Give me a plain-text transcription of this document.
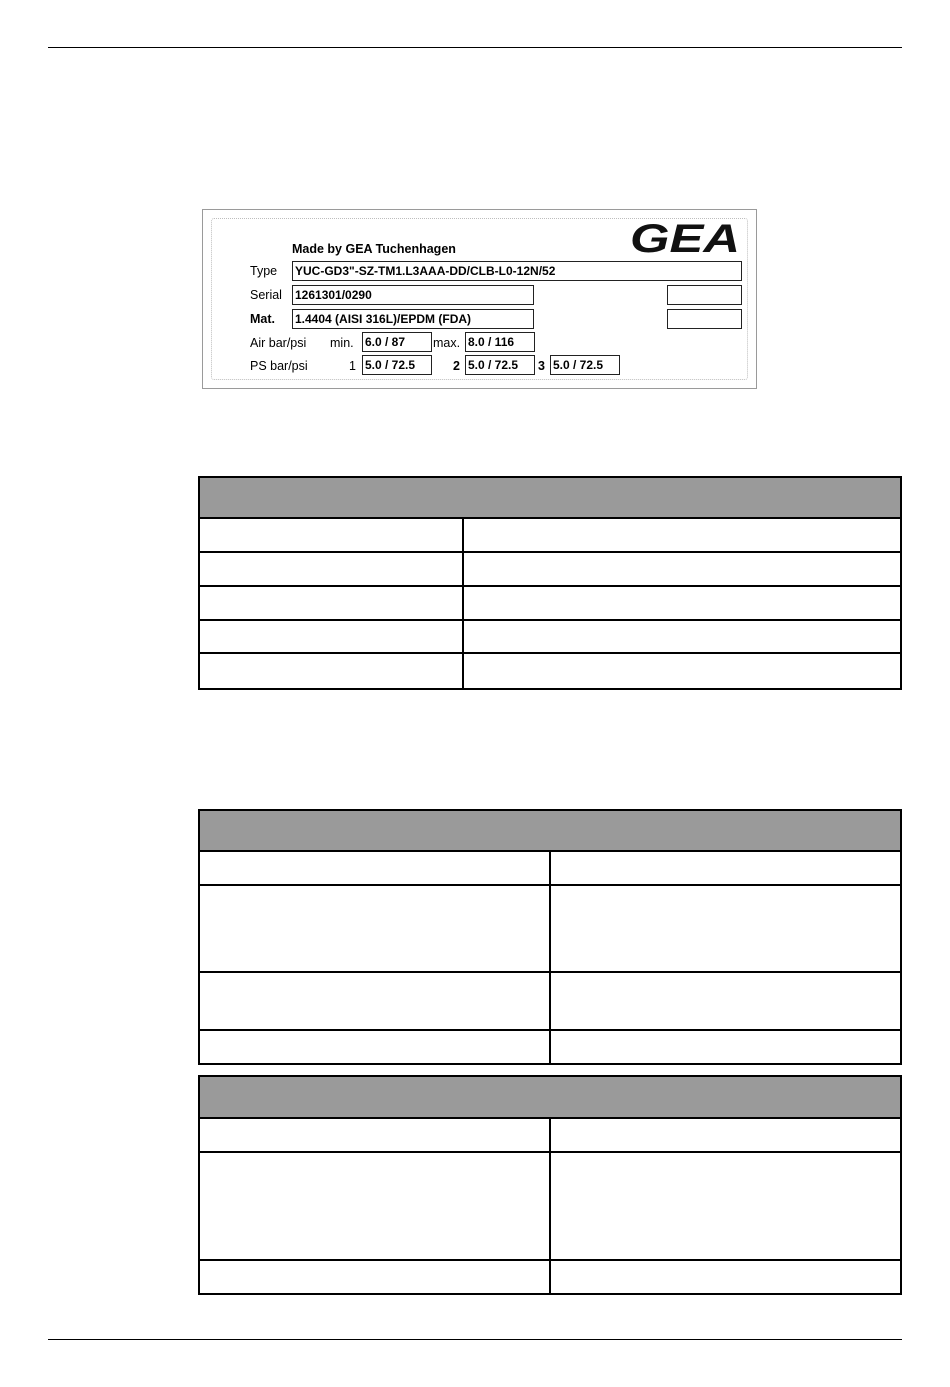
GEA
Made by GEA Tuchenhagen
Type YUC-GD3"-SZ-TM1.L3AAA-DD/CLB-L0-12N/52
Serial 1261301/0290
Mat. 1.4404 (AISI 316L)/EPDM (FDA)
Air bar/psi min. 6.0 / 87	max. 8.0 / 116
PS bar/psi	1 5.0 / 72.5	2 5.0 / 72.5	3 5.0 / 72.5
